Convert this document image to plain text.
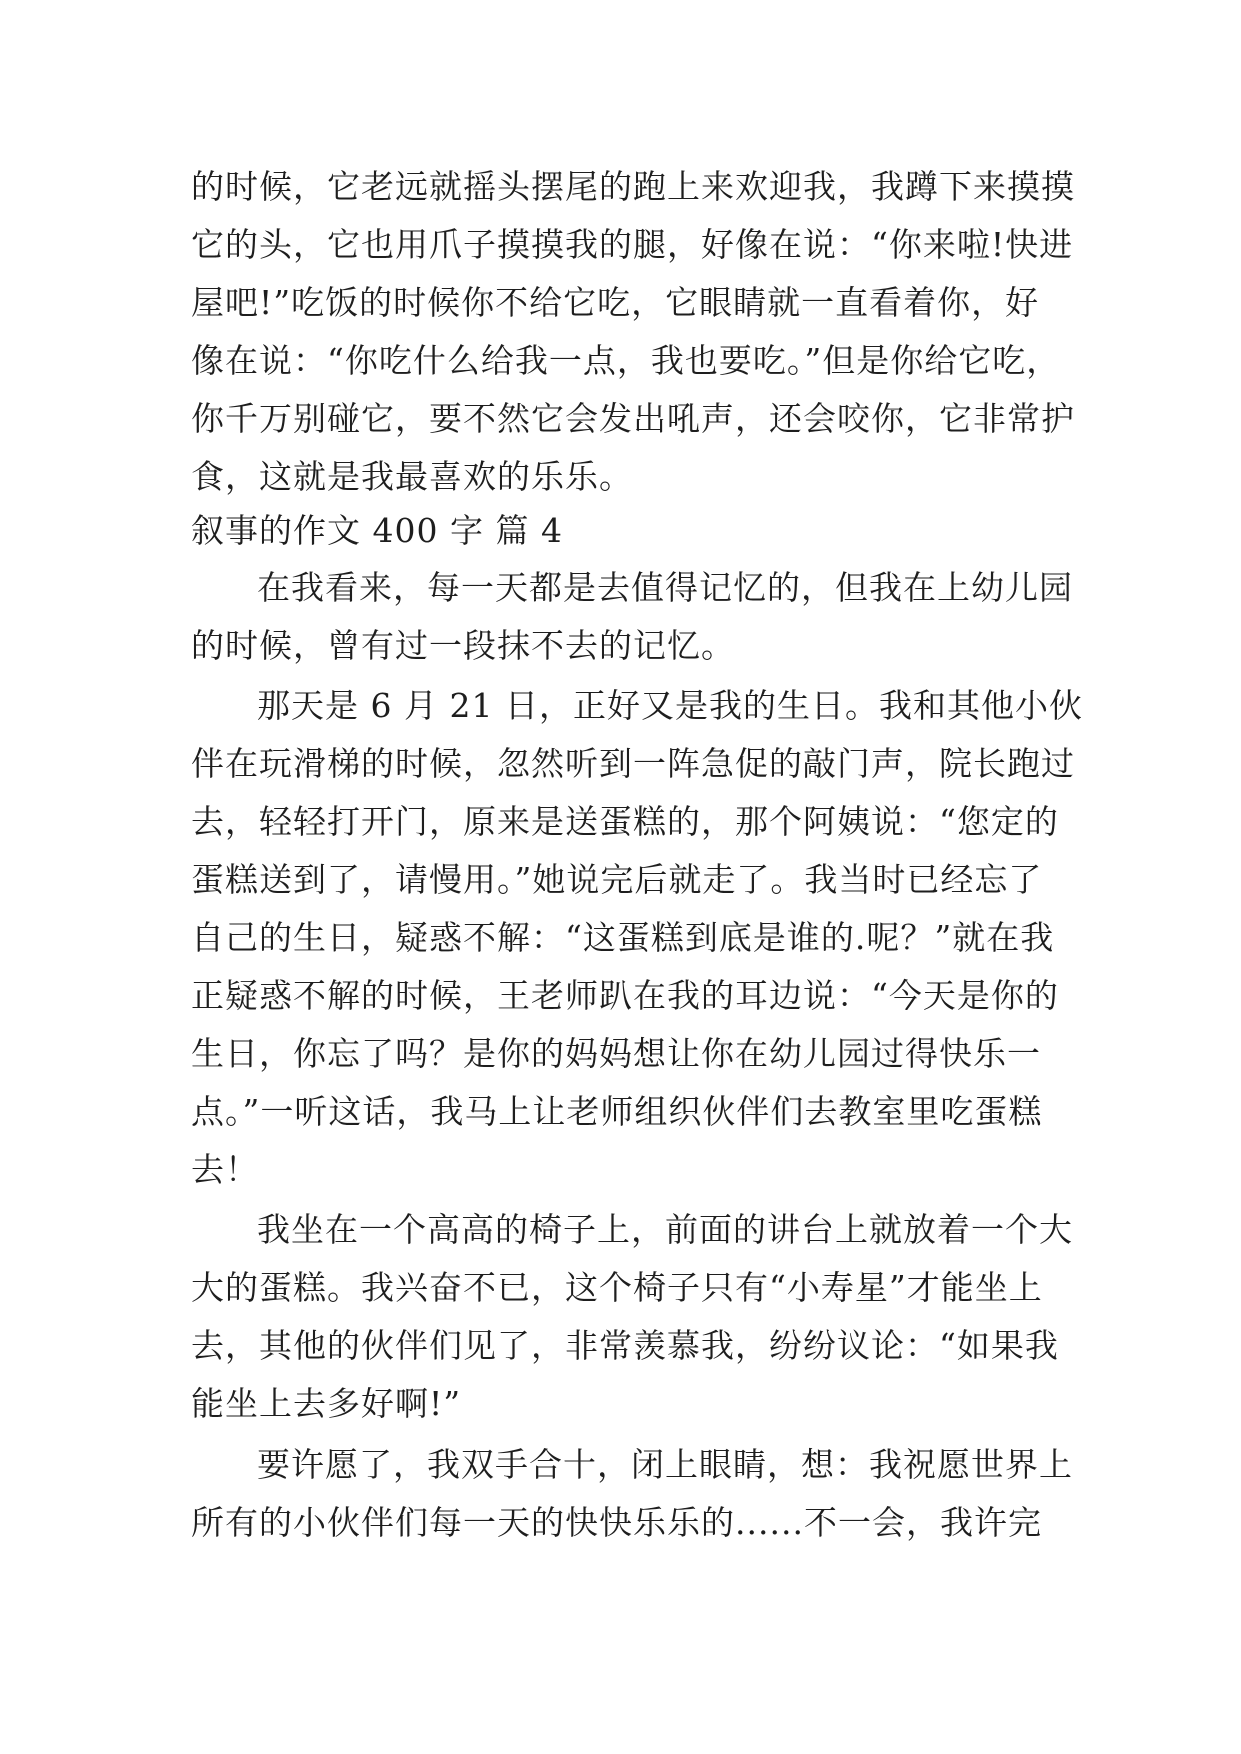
的时候，它老远就摇头摆尾的跑上来欢迎我，我蹲下来摸摸
它的头，它也用爪子摸摸我的腿，好像在说：“你来啦!快进
屋吧!”吃饭的时候你不给它吃，它眼睛就一直看着你，好
像在说：“你吃什么给我一点，我也要吃。”但是你给它吃，
你千万别碰它，要不然它会发出吼声，还会咬你，它非常护
食，这就是我最喜欢的乐乐。
叙事的作文 400 字 篇 4
在我看来，每一天都是去值得记忆的，但我在上幼儿园
的时候，曾有过一段抹不去的记忆。
那天是 6 月 21 日，正好又是我的生日。我和其他小伙
伴在玩滑梯的时候，忽然听到一阵急促的敲门声，院长跑过
去，轻轻打开门，原来是送蛋糕的，那个阿姨说：“您定的
蛋糕送到了，请慢用。”她说完后就走了。我当时已经忘了
自己的生日，疑惑不解：“这蛋糕到底是谁的.呢？”就在我
正疑惑不解的时候，王老师趴在我的耳边说：“今天是你的
生日，你忘了吗？是你的妈妈想让你在幼儿园过得快乐一
点。”一听这话，我马上让老师组织伙伴们去教室里吃蛋糕
去！
我坐在一个高高的椅子上，前面的讲台上就放着一个大
大的蛋糕。我兴奋不已，这个椅子只有“小寿星”才能坐上
去，其他的伙伴们见了，非常羡慕我，纷纷议论：“如果我
能坐上去多好啊!”
要许愿了，我双手合十，闭上眼睛，想：我祝愿世界上
所有的小伙伴们每一天的快快乐乐的......不一会，我许完
